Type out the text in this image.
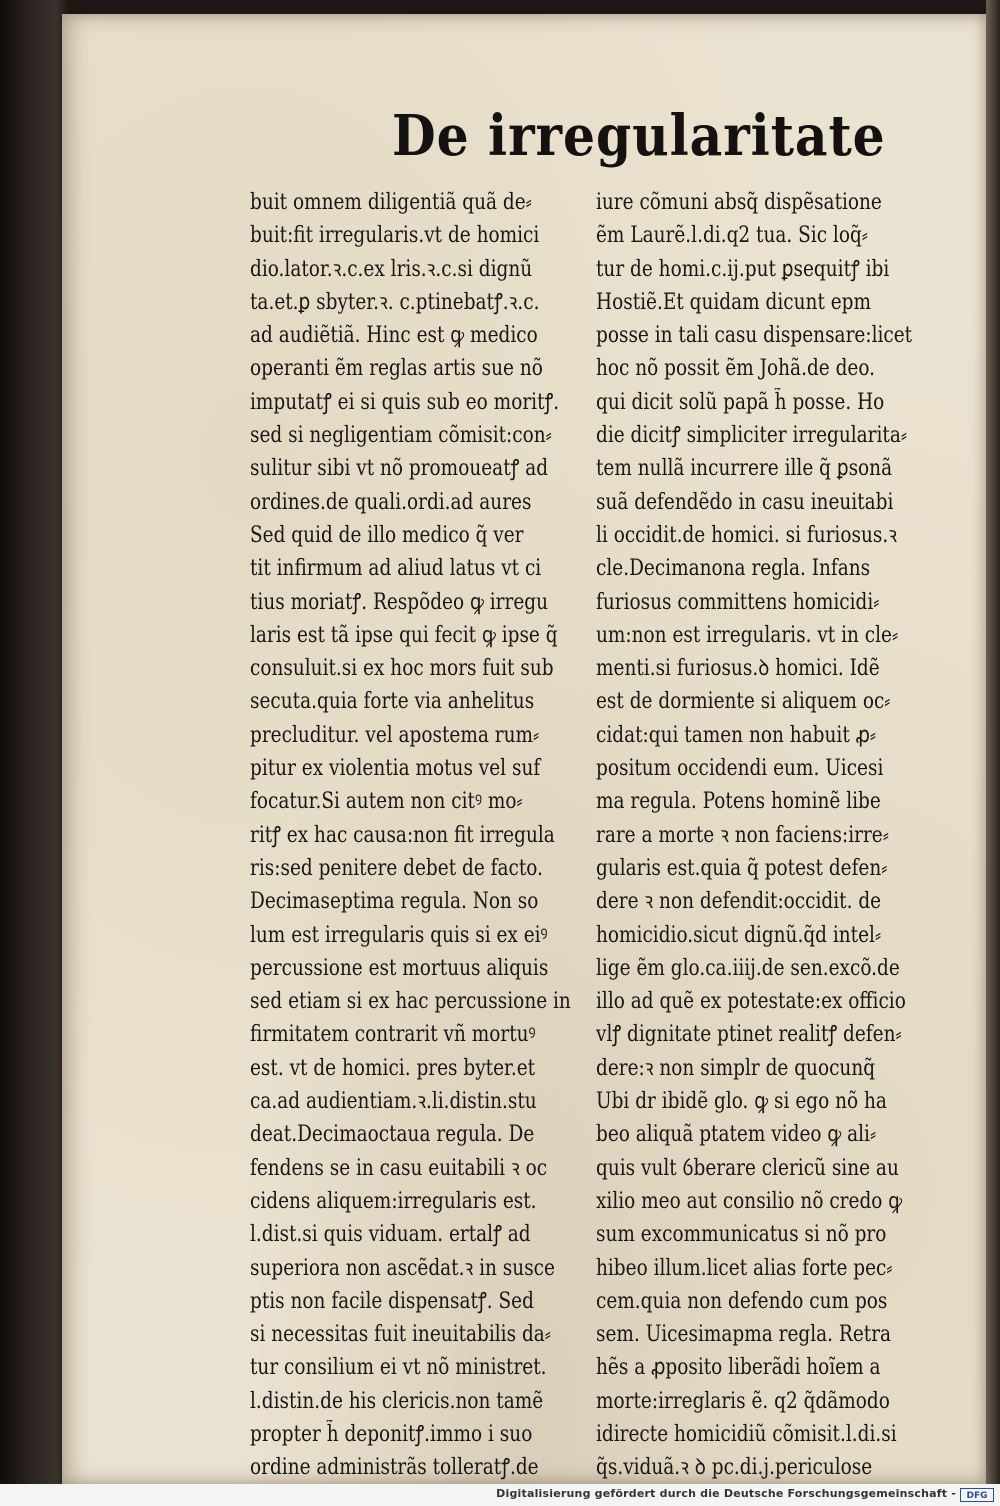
De irregularitate
buit omnem diligentiã quã de⸗
buit:fit irregularis.vt de homici
dio.lator.ꝛ.c.ex lris.ꝛ.c.si dignũ
ta.et.ꝑ sbyter.ꝛ. c.ptinebatꝭ.ꝛ.c.
ad audiẽtiã. Hinc est ꝙ medico
operanti ẽm reglas artis sue nõ
imputatꝭ ei si quis sub eo moritꝭ.
sed si negligentiam cõmisit:con⸗
sulitur sibi vt nõ promoueatꝭ ad
ordines.de quali.ordi.ad aures
Sed quid de illo medico q̃ ver
tit infirmum ad aliud latus vt ci
tius moriatꝭ. Respõdeo ꝙ irregu
laris est tã ipse qui fecit ꝙ ipse q̃
consuluit.si ex hoc mors fuit sub
secuta.quia forte via anhelitus
precluditur. vel apostema rum⸗
pitur ex violentia motus vel suf
focatur.Si autem non citꝰ mo⸗
ritꝭ ex hac causa:non fit irregula
ris:sed penitere debet de facto.
Decimaseptima regula. Non so
lum est irregularis quis si ex eiꝰ
percussione est mortuus aliquis
sed etiam si ex hac percussione in
firmitatem contrarit vñ mortuꝰ
est. vt de homici. pres byter.et
ca.ad audientiam.ꝛ.li.distin.stu
deat.Decimaoctaua regula. De
fendens se in casu euitabili ꝛ oc
cidens aliquem:irregularis est.
l.dist.si quis viduam. ertalꝭ ad
superiora non ascẽdat.ꝛ in susce
ptis non facile dispensatꝭ. Sed
si necessitas fuit ineuitabilis da⸗
tur consilium ei vt nõ ministret.
l.distin.de his clericis.non tamẽ
propter h̃ deponitꝭ.immo i suo
ordine administrãs tolleratꝭ.de
iure cõmuni absq̃ dispẽsatione
ẽm Laurẽ.l.di.q2 tua. Sic loq̃⸗
tur de homi.c.ij.put ꝑsequitꝭ ibi
Hostiẽ.Et quidam dicunt epm
posse in tali casu dispensare:licet
hoc nõ possit ẽm Johã.de deo.
qui dicit solũ papã h̃ posse. Ho
die dicitꝭ simpliciter irregularita⸗
tem nullã incurrere ille q̃ ꝑsonã
suã defendẽdo in casu ineuitabi
li occidit.de homici. si furiosus.ꝛ
cle.Decimanona regla. Infans
furiosus committens homicidi⸗
um:non est irregularis. vt in cle⸗
menti.si furiosus.ꝺ homici. Idẽ
est de dormiente si aliquem oc⸗
cidat:qui tamen non habuit ꝓ⸗
positum occidendi eum. Uicesi
ma regula. Potens hominẽ libe
rare a morte ꝛ non faciens:irre⸗
gularis est.quia q̃ potest defen⸗
dere ꝛ non defendit:occidit. de
homicidio.sicut dignũ.q̃d intel⸗
lige ẽm glo.ca.iiij.de sen.excõ.de
illo ad quẽ ex potestate:ex officio
vlꝭ dignitate ptinet realitꝭ defen⸗
dere:ꝛ non simplr de quocunq̃
Ubi dr ibidẽ glo. ꝙ si ego nõ ha
beo aliquã ptatem video ꝙ ali⸗
quis vult ỽberare clericũ sine au
xilio meo aut consilio nõ credo ꝙ
sum excommunicatus si nõ pro
hibeo illum.licet alias forte pec⸗
cem.quia non defendo cum pos
sem. Uicesimapma regla. Retra
hẽs a ꝓposito liberãdi hoĩem a
morte:irreglaris ẽ. q2 q̃dãmodo
idirecte homicidiũ cõmisit.l.di.si
q̃s.viduã.ꝛ ꝺ pc.di.j.periculose
Digitalisierung gefördert durch die Deutsche Forschungsgemeinschaft -	DFG
